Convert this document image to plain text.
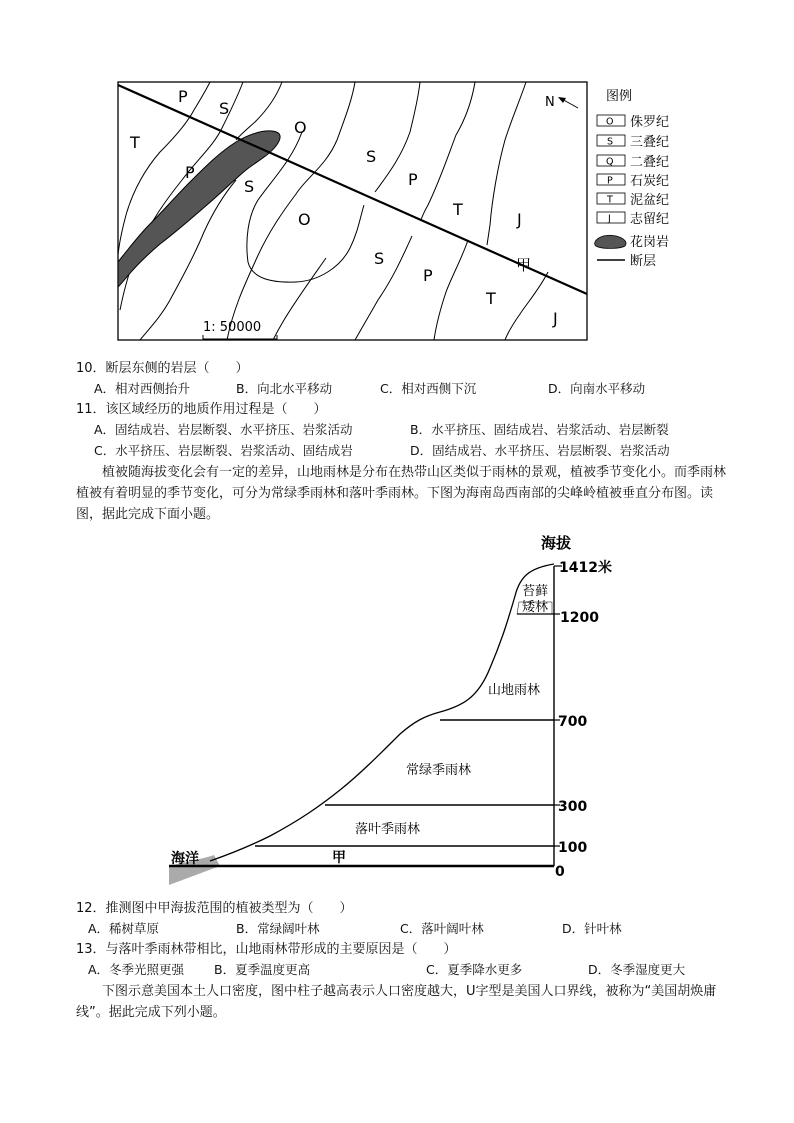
P
S
O
T
P
S
O
S
P
T
J
S
P
T
J
甲
N
1: 50000
图例
O 侏罗纪
S 三叠纪
Q 二叠纪
P 石炭纪
T 泥盆纪
J 志留纪
花岗岩
断层
10．断层东侧的岩层（　　）
A．相对西侧抬升	B．向北水平移动	C．相对西侧下沉	D．向南水平移动
11．该区域经历的地质作用过程是（　　）
A．固结成岩、岩层断裂、水平挤压、岩浆活动	B．水平挤压、固结成岩、岩浆活动、岩层断裂
C．水平挤压、岩层断裂、岩浆活动、固结成岩	D．固结成岩、水平挤压、岩层断裂、岩浆活动
植被随海拔变化会有一定的差异，山地雨林是分布在热带山区类似于雨林的景观，植被季节变化小。而季雨林植被有着明显的季节变化，可分为常绿季雨林和落叶季雨林。下图为海南岛西南部的尖峰岭植被垂直分布图。读图，据此完成下面小题。
海拔
1412米
1200
700
300
100
0
苔藓
矮林
山地雨林
常绿季雨林
落叶季雨林
甲
海洋
12．推测图中甲海拔范围的植被类型为（　　）
A．稀树草原	B．常绿阔叶林	C．落叶阔叶林	D．针叶林
13．与落叶季雨林带相比，山地雨林带形成的主要原因是（　　）
A．冬季光照更强 B．夏季温度更高	C．夏季降水更多	D．冬季湿度更大
下图示意美国本土人口密度，图中柱子越高表示人口密度越大，U字型是美国人口界线，被称为“美国胡焕庸线”。据此完成下列小题。
